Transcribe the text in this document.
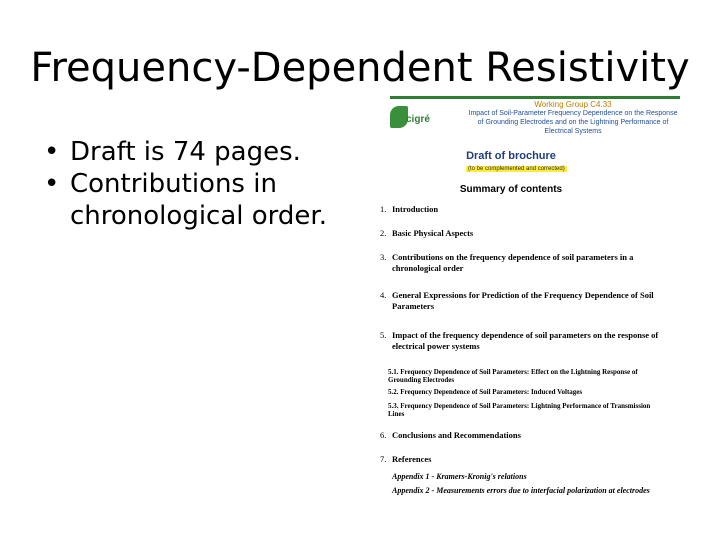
Frequency-Dependent Resistivity
• Draft is 74 pages.
• Contributions in chronological order.
cigré
Working Group C4.33
Impact of Soil-Parameter Frequency Dependence on the Response of Grounding Electrodes and on the Lightning Performance of Electrical Systems
Draft of brochure
(to be complemented and corrected)
Summary of contents
1. Introduction
2. Basic Physical Aspects
3. Contributions on the frequency dependence of soil parameters in a chronological order
4. General Expressions for Prediction of the Frequency Dependence of Soil Parameters
5. Impact of the frequency dependence of soil parameters on the response of electrical power systems
5.1. Frequency Dependence of Soil Parameters: Effect on the Lightning Response of Grounding Electrodes
5.2. Frequency Dependence of Soil Parameters: Induced Voltages
5.3. Frequency Dependence of Soil Parameters: Lightning Performance of Transmission Lines
6. Conclusions and Recommendations
7. References
Appendix 1 - Kramers-Kronig's relations
Appendix 2 - Measurements errors due to interfacial polarization at electrodes
